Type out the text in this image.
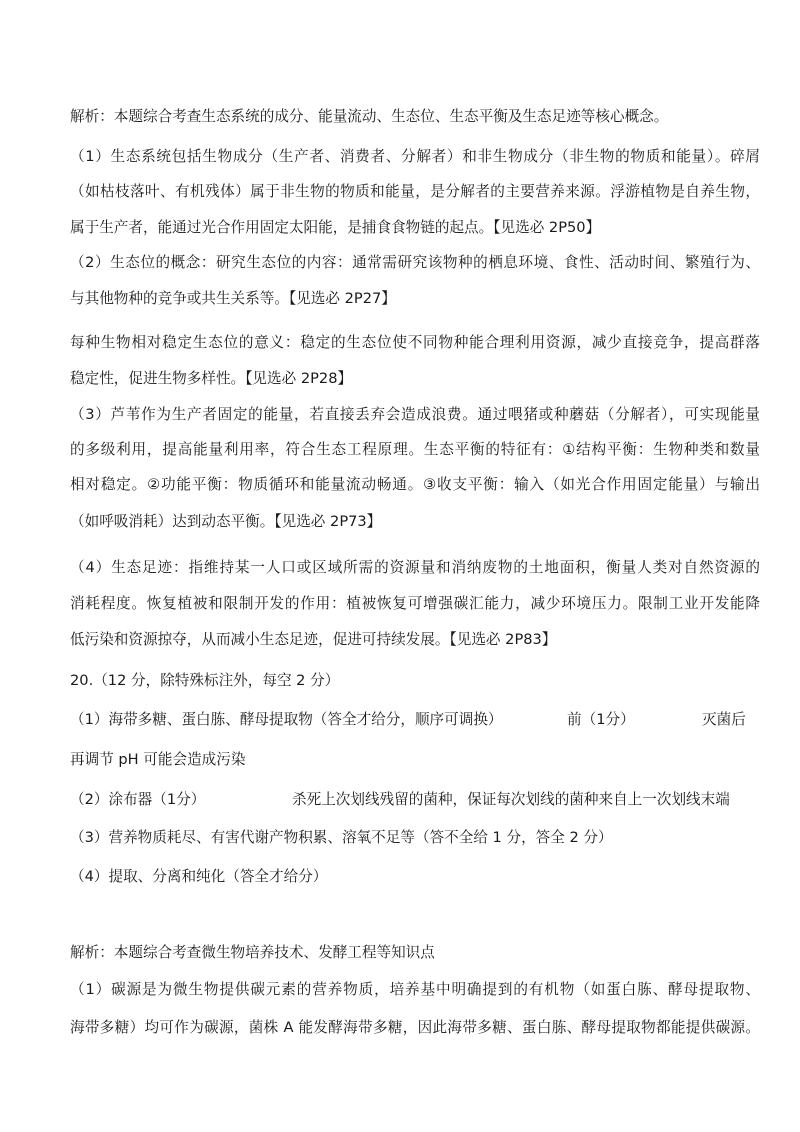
解析：本题综合考查生态系统的成分、能量流动、生态位、生态平衡及生态足迹等核心概念。
（1）生态系统包括生物成分（生产者、消费者、分解者）和非生物成分（非生物的物质和能量）。碎屑
（如枯枝落叶、有机残体）属于非生物的物质和能量，是分解者的主要营养来源。浮游植物是自养生物，
属于生产者，能通过光合作用固定太阳能，是捕食食物链的起点。【见选必 2P50】
（2）生态位的概念：研究生态位的内容：通常需研究该物种的栖息环境、食性、活动时间、繁殖行为、
与其他物种的竞争或共生关系等。【见选必 2P27】
每种生物相对稳定生态位的意义：稳定的生态位使不同物种能合理利用资源，减少直接竞争，提高群落
稳定性，促进生物多样性。【见选必 2P28】
（3）芦苇作为生产者固定的能量，若直接丢弃会造成浪费。通过喂猪或种蘑菇（分解者），可实现能量
的多级利用，提高能量利用率，符合生态工程原理。生态平衡的特征有：①结构平衡：生物种类和数量
相对稳定。②功能平衡：物质循环和能量流动畅通。③收支平衡：输入（如光合作用固定能量）与输出
（如呼吸消耗）达到动态平衡。【见选必 2P73】
（4）生态足迹：指维持某一人口或区域所需的资源量和消纳废物的土地面积，衡量人类对自然资源的
消耗程度。恢复植被和限制开发的作用：植被恢复可增强碳汇能力，减少环境压力。限制工业开发能降
低污染和资源掠夺，从而减小生态足迹，促进可持续发展。【见选必 2P83】
20.（12 分，除特殊标注外，每空 2 分）
（1）海带多糖、蛋白胨、酵母提取物（答全才给分，顺序可调换）	前（1分）	灭菌后
再调节 pH 可能会造成污染
（2）涂布器（1分）	杀死上次划线残留的菌种，保证每次划线的菌种来自上一次划线末端
（3）营养物质耗尽、有害代谢产物积累、溶氧不足等（答不全给 1 分，答全 2 分）
（4）提取、分离和纯化（答全才给分）
解析：本题综合考查微生物培养技术、发酵工程等知识点
（1）碳源是为微生物提供碳元素的营养物质，培养基中明确提到的有机物（如蛋白胨、酵母提取物、
海带多糖）均可作为碳源，菌株 A 能发酵海带多糖，因此海带多糖、蛋白胨、酵母提取物都能提供碳源。
